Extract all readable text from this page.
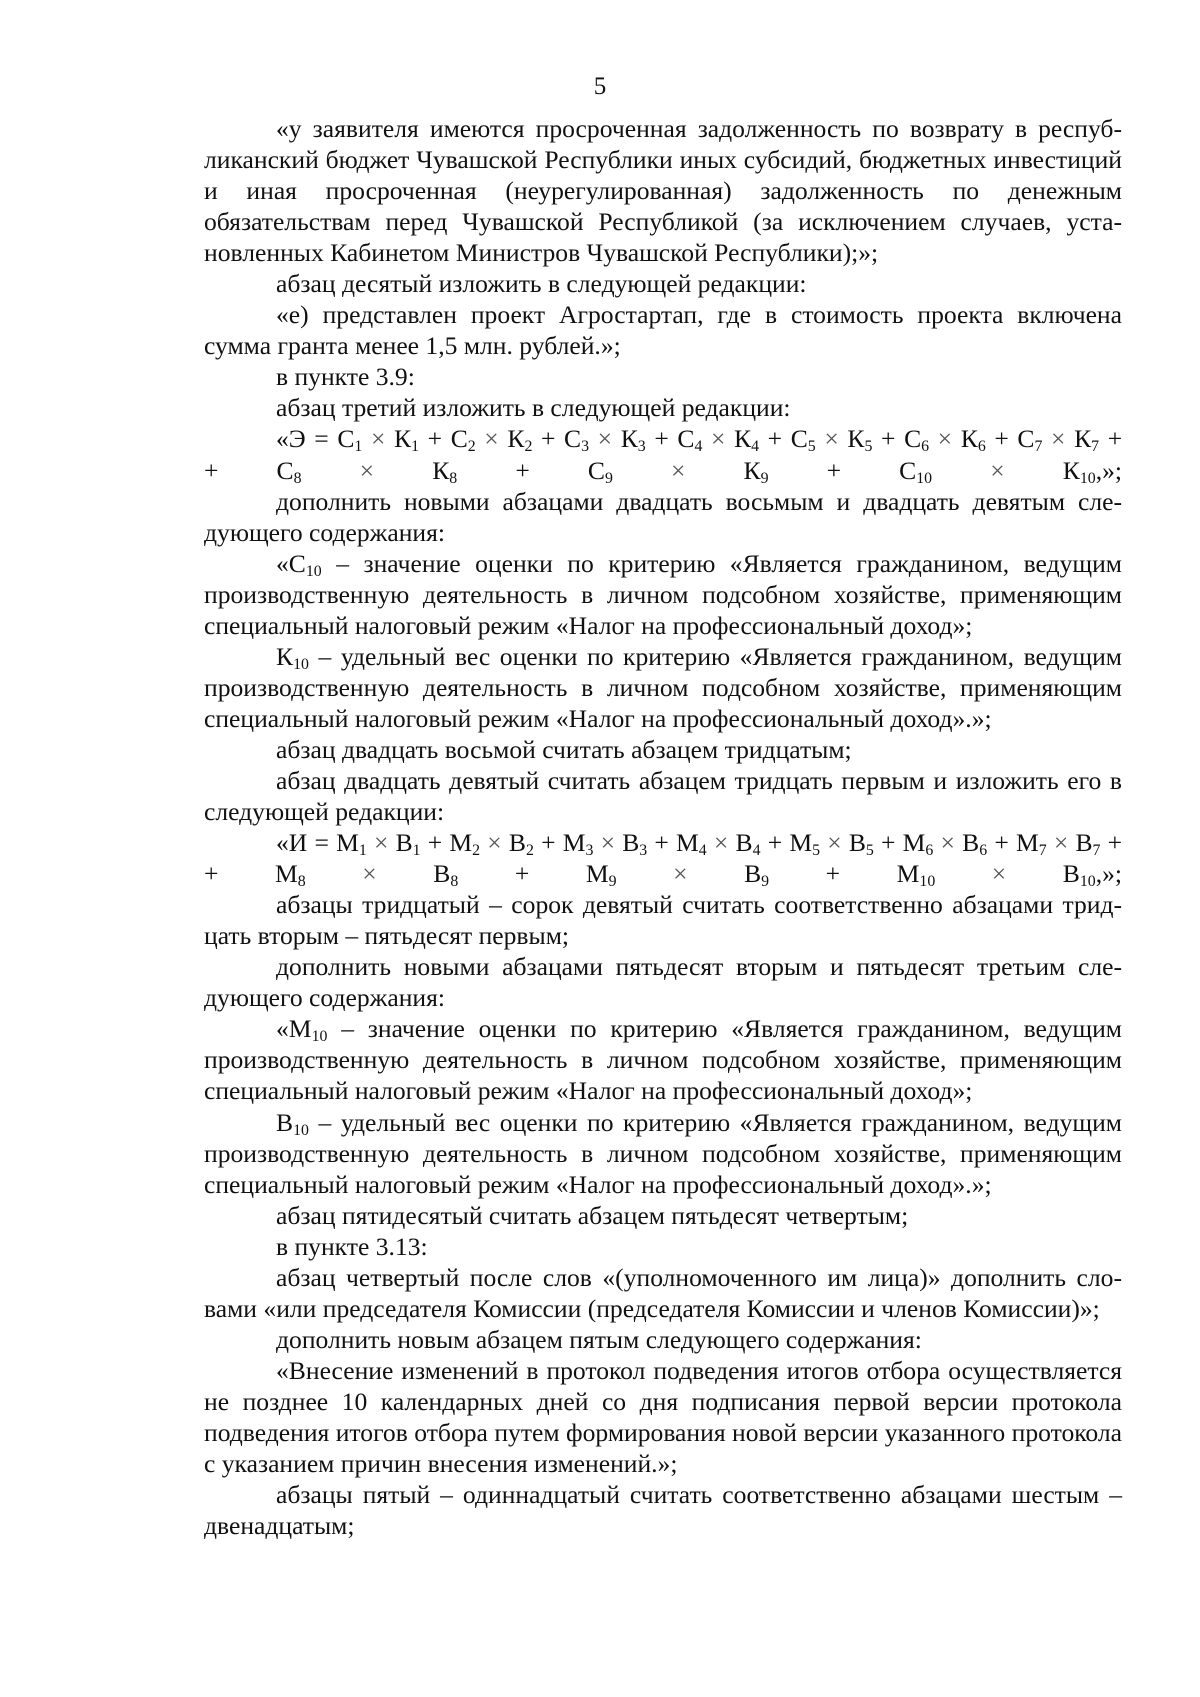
5

«у заявителя имеются просроченная задолженность по возврату в республиканский бюджет Чувашской Республики иных субсидий, бюджетных инвестиций и иная просроченная (неурегулированная) задолженность по денежным обязательствам перед Чувашской Республикой (за исключением случаев, установленных Кабинетом Министров Чувашской Республики);»;

абзац десятый изложить в следующей редакции:

«е) представлен проект Агростартап, где в стоимость проекта включена сумма гранта менее 1,5 млн. рублей.»;

в пункте 3.9:

абзац третий изложить в следующей редакции:

«$Э = С_1 \times К_1 + С_2 \times К_2 + С_3 \times К_3 + С_4 \times К_4 + С_5 \times К_5 + С_6 \times К_6 + С_7 \times К_7$ + + $С_8 \times К_8 + С_9 \times К_9 + С_{10} \times К_{10}$,»;

дополнить новыми абзацами двадцать восьмым и двадцать девятым следующего содержания:

«$С_{10}$ – значение оценки по критерию «Является гражданином, ведущим производственную деятельность в личном подсобном хозяйстве, применяющим специальный налоговый режим «Налог на профессиональный доход»;

$К_{10}$ – удельный вес оценки по критерию «Является гражданином, ведущим производственную деятельность в личном подсобном хозяйстве, применяющим специальный налоговый режим «Налог на профессиональный доход».»;

абзац двадцать восьмой считать абзацем тридцатым;

абзац двадцать девятый считать абзацем тридцать первым и изложить его в следующей редакции:

«$И = М_1 \times В_1 + М_2 \times В_2 + М_3 \times В_3 + М_4 \times В_4 + М_5 \times В_5 + М_6 \times В_6 + М_7 \times В_7$ + + $М_8 \times В_8 + М_9 \times В_9 + М_{10} \times В_{10}$,»;

абзацы тридцатый – сорок девятый считать соответственно абзацами тридцать вторым – пятьдесят первым;

дополнить новыми абзацами пятьдесят вторым и пятьдесят третьим следующего содержания:

«$М_{10}$ – значение оценки по критерию «Является гражданином, ведущим производственную деятельность в личном подсобном хозяйстве, применяющим специальный налоговый режим «Налог на профессиональный доход»;

$В_{10}$ – удельный вес оценки по критерию «Является гражданином, ведущим производственную деятельность в личном подсобном хозяйстве, применяющим специальный налоговый режим «Налог на профессиональный доход».»;

абзац пятидесятый считать абзацем пятьдесят четвертым;

в пункте 3.13:

абзац четвертый после слов «(уполномоченного им лица)» дополнить словами «или председателя Комиссии (председателя Комиссии и членов Комиссии)»;

дополнить новым абзацем пятым следующего содержания:

«Внесение изменений в протокол подведения итогов отбора осуществляется не позднее 10 календарных дней со дня подписания первой версии протокола подведения итогов отбора путем формирования новой версии указанного протокола с указанием причин внесения изменений.»;

абзацы пятый – одиннадцатый считать соответственно абзацами шестым – двенадцатым;
